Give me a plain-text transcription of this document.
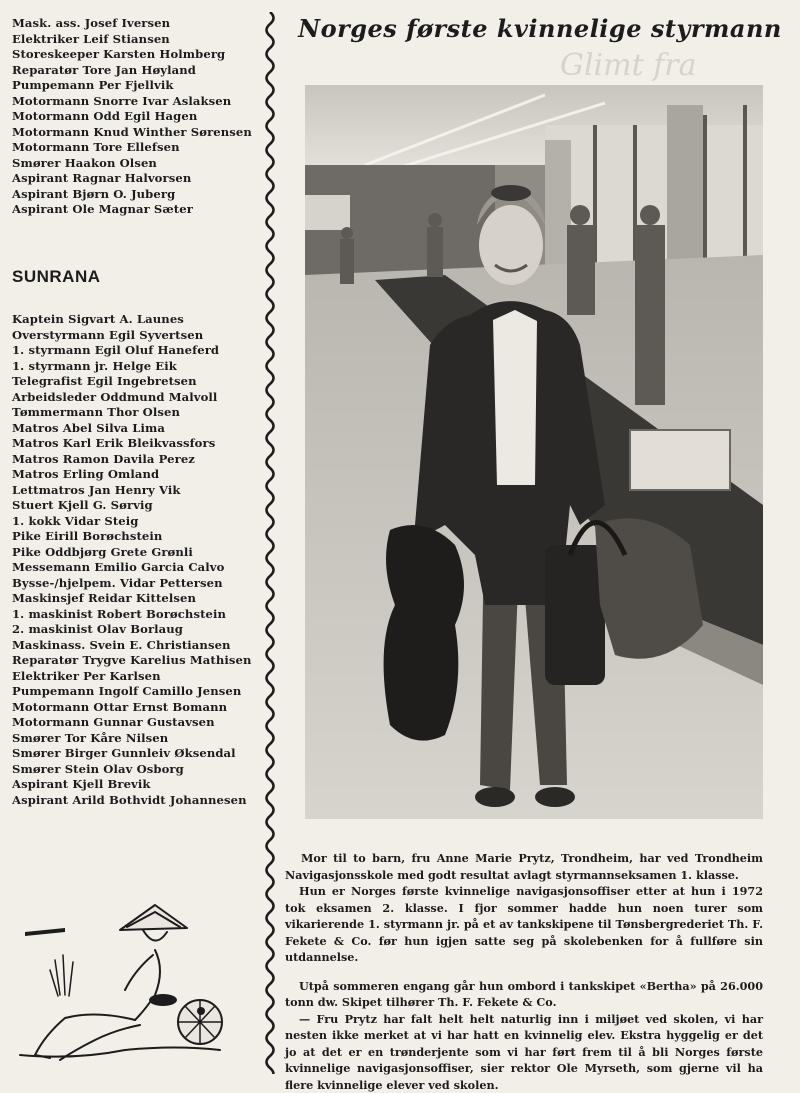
Mask. ass. Josef Iversen
Elektriker Leif Stiansen
Storeskeeper Karsten Holmberg
Reparatør Tore Jan Høyland
Pumpemann Per Fjellvik
Motormann Snorre Ivar Aslaksen
Motormann Odd Egil Hagen
Motormann Knud Winther Sørensen
Motormann Tore Ellefsen
Smører Haakon Olsen
Aspirant Ragnar Halvorsen
Aspirant Bjørn O. Juberg
Aspirant Ole Magnar Sæter
SUNRANA
Kaptein Sigvart A. Launes
Overstyrmann Egil Syvertsen
1. styrmann Egil Oluf Haneferd
1. styrmann jr. Helge Eik
Telegrafist Egil Ingebretsen
Arbeidsleder Oddmund Malvoll
Tømmermann Thor Olsen
Matros Abel Silva Lima
Matros Karl Erik Bleikvassfors
Matros Ramon Davila Perez
Matros Erling Omland
Lettmatros Jan Henry Vik
Stuert Kjell G. Sørvig
1. kokk Vidar Steig
Pike Eirill Borøchstein
Pike Oddbjørg Grete Grønli
Messemann Emilio Garcia Calvo
Bysse-/hjelpem. Vidar Pettersen
Maskinsjef Reidar Kittelsen
1. maskinist Robert Borøchstein
2. maskinist Olav Borlaug
Maskinass. Svein E. Christiansen
Reparatør Trygve Karelius Mathisen
Elektriker Per Karlsen
Pumpemann Ingolf Camillo Jensen
Motormann Ottar Ernst Bomann
Motormann Gunnar Gustavsen
Smører Tor Kåre Nilsen
Smører Birger Gunnleiv Øksendal
Smører Stein Olav Osborg
Aspirant Kjell Brevik
Aspirant Arild Bothvidt Johannesen
Glimt fra
Norges første kvinnelige styrmann

Mor til to barn, fru Anne Marie Prytz, Trondheim, har ved Trondheim Navigasjonsskole med godt resultat avlagt styrmannseksamen 1. klasse.

Hun er Norges første kvinnelige navigasjonsoffiser etter at hun i 1972 tok eksamen 2. klasse. I fjor sommer hadde hun noen turer som vikarierende 1. styrmann jr. på et av tankskipene til Tønsbergrederiet Th. F. Fekete & Co. før hun igjen satte seg på skolebenken for å fullføre sin utdannelse.

Utpå sommeren engang går hun ombord i tankskipet «Bertha» på 26.000 tonn dw. Skipet tilhører Th. F. Fekete & Co.

— Fru Prytz har falt helt helt naturlig inn i miljøet ved skolen, vi har nesten ikke merket at vi har hatt en kvinnelig elev. Ekstra hyggelig er det jo at det er en trønderjente som vi har ført frem til å bli Norges første kvinnelige navigasjonsoffiser, sier rektor Ole Myrseth, som gjerne vil ha flere kvinnelige elever ved skolen.
